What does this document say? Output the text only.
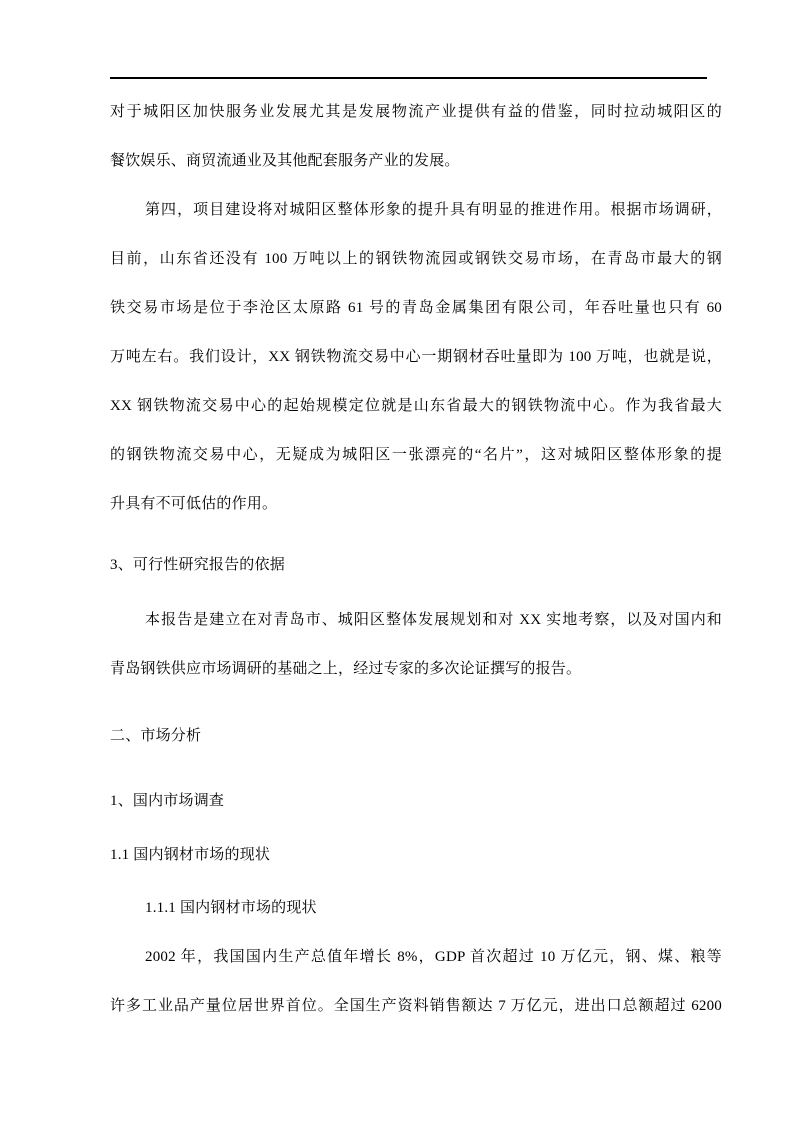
对于城阳区加快服务业发展尤其是发展物流产业提供有益的借鉴，同时拉动城阳区的
餐饮娱乐、商贸流通业及其他配套服务产业的发展。
第四，项目建设将对城阳区整体形象的提升具有明显的推进作用。根据市场调研，
目前，山东省还没有 100 万吨以上的钢铁物流园或钢铁交易市场，在青岛市最大的钢
铁交易市场是位于李沧区太原路 61 号的青岛金属集团有限公司，年吞吐量也只有 60
万吨左右。我们设计，XX 钢铁物流交易中心一期钢材吞吐量即为 100 万吨，也就是说，
XX 钢铁物流交易中心的起始规模定位就是山东省最大的钢铁物流中心。作为我省最大
的钢铁物流交易中心，无疑成为城阳区一张漂亮的“名片”，这对城阳区整体形象的提
升具有不可低估的作用。
3、可行性研究报告的依据
本报告是建立在对青岛市、城阳区整体发展规划和对 XX 实地考察，以及对国内和
青岛钢铁供应市场调研的基础之上，经过专家的多次论证撰写的报告。
二、市场分析
1、国内市场调查
1.1 国内钢材市场的现状
1.1.1 国内钢材市场的现状
2002 年，我国国内生产总值年增长 8%，GDP 首次超过 10 万亿元，钢、煤、粮等
许多工业品产量位居世界首位。全国生产资料销售额达 7 万亿元，进出口总额超过 6200
